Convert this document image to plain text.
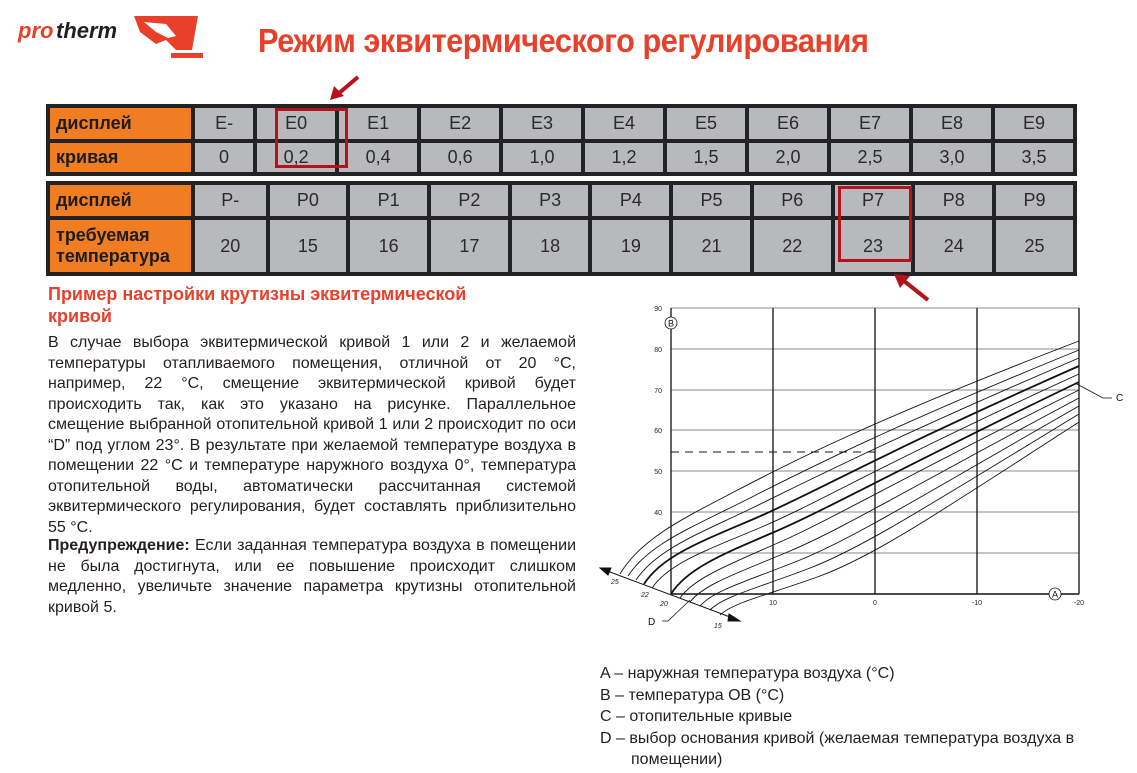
pro therm	Режим эквитермического регулирования
дисплей	E-	E0	E1	E2	E3	E4	E5	E6	E7	E8	E9
кривая	0	0,2	0,4	0,6	1,0	1,2	1,5	2,0	2,5	3,0	3,5
дисплей	P-	P0	P1	P2	P3	P4	P5	P6	P7	P8	P9
требуемая
температура	20	15	16	17	18	19	21	22	23	24	25
Пример настройки крутизны эквитермической кривой
В случае выбора эквитермической кривой 1 или 2 и желаемой температуры отапливаемого помещения, отличной от 20 °C, например, 22 °C, смещение эквитермической кривой будет происходить так, как это указано на рисунке. Параллельное смещение выбранной отопительной кривой 1 или 2 происходит по оси “D” под углом 23°. В результате при желаемой температуре воздуха в помещении 22 °C и температуре наружного воздуха 0°, температура отопительной воды, автоматически рассчитанная системой эквитермического регулирования, будет составлять приблизительно 55 °C.
Предупреждение: Если заданная температура воздуха в помещении не была достигнута, или ее повышение происходит слишком медленно, увеличьте значение параметра крутизны отопительной кривой 5.
90
80
70
60
50
40
10	0	-10	-20
25
22
20
15
B
A
C
D
A – наружная температура воздуха (°C)
B – температура ОВ (°C)
C – отопительные кривые
D – выбор основания кривой (желаемая температура воздуха в
помещении)
